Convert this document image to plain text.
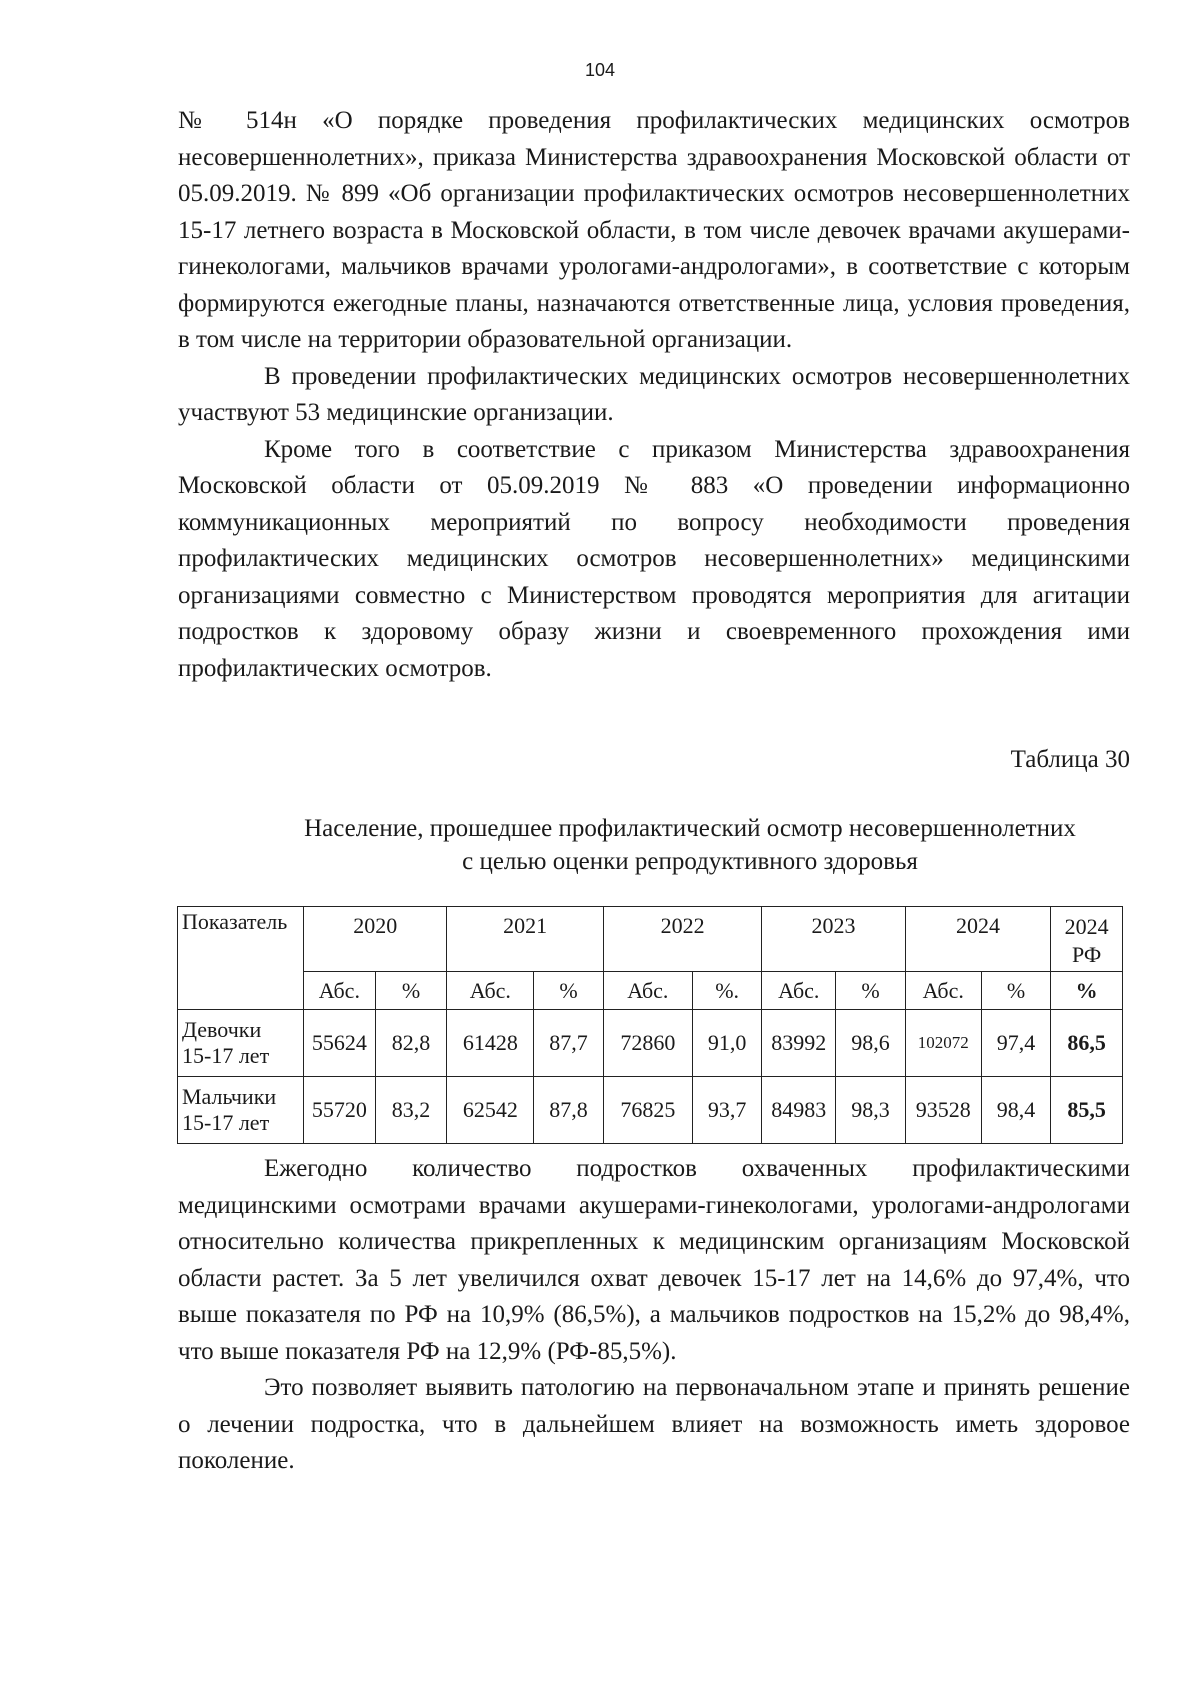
104

№ 514н «О порядке проведения профилактических медицинских осмотров несовершеннолетних», приказа Министерства здравоохранения Московской области от 05.09.2019. № 899 «Об организации профилактических осмотров несовершеннолетних 15-17 летнего возраста в Московской области, в том числе девочек врачами акушерами-гинекологами, мальчиков врачами урологами-андрологами», в соответствие с которым формируются ежегодные планы, назначаются ответственные лица, условия проведения, в том числе на территории образовательной организации.

В проведении профилактических медицинских осмотров несовершеннолетних участвуют 53 медицинские организации.

Кроме того в соответствие с приказом Министерства здравоохранения Московской области от 05.09.2019 № 883 «О проведении информационно коммуникационных мероприятий по вопросу необходимости проведения профилактических медицинских осмотров несовершеннолетних» медицинскими организациями совместно с Министерством проводятся мероприятия для агитации подростков к здоровому образу жизни и своевременного прохождения ими профилактических осмотров.

Таблица 30
Население, прошедшее профилактический осмотр несовершеннолетних
с целью оценки репродуктивного здоровья
Показатель	2020		2021		2022		2023		2024		2024
РФ

	Абс.	%	Абс.	%	Абс.	%.	Абс.	%	Абс.	%	%

Девочки
15-17 лет	55624	82,8	61428	87,7	72860	91,0	83992	98,6	102072	97,4	86,5

Мальчики
15-17 лет	55720	83,2	62542	87,8	76825	93,7	84983	98,3	93528	98,4	85,5

Ежегодно количество подростков охваченных профилактическими медицинскими осмотрами врачами акушерами-гинекологами, урологами-андрологами относительно количества прикрепленных к медицинским организациям Московской области растет. За 5 лет увеличился охват девочек 15-17 лет на 14,6% до 97,4%, что выше показателя по РФ на 10,9% (86,5%), а мальчиков подростков на 15,2% до 98,4%, что выше показателя РФ на 12,9% (РФ-85,5%).

Это позволяет выявить патологию на первоначальном этапе и принять решение о лечении подростка, что в дальнейшем влияет на возможность иметь здоровое поколение.
